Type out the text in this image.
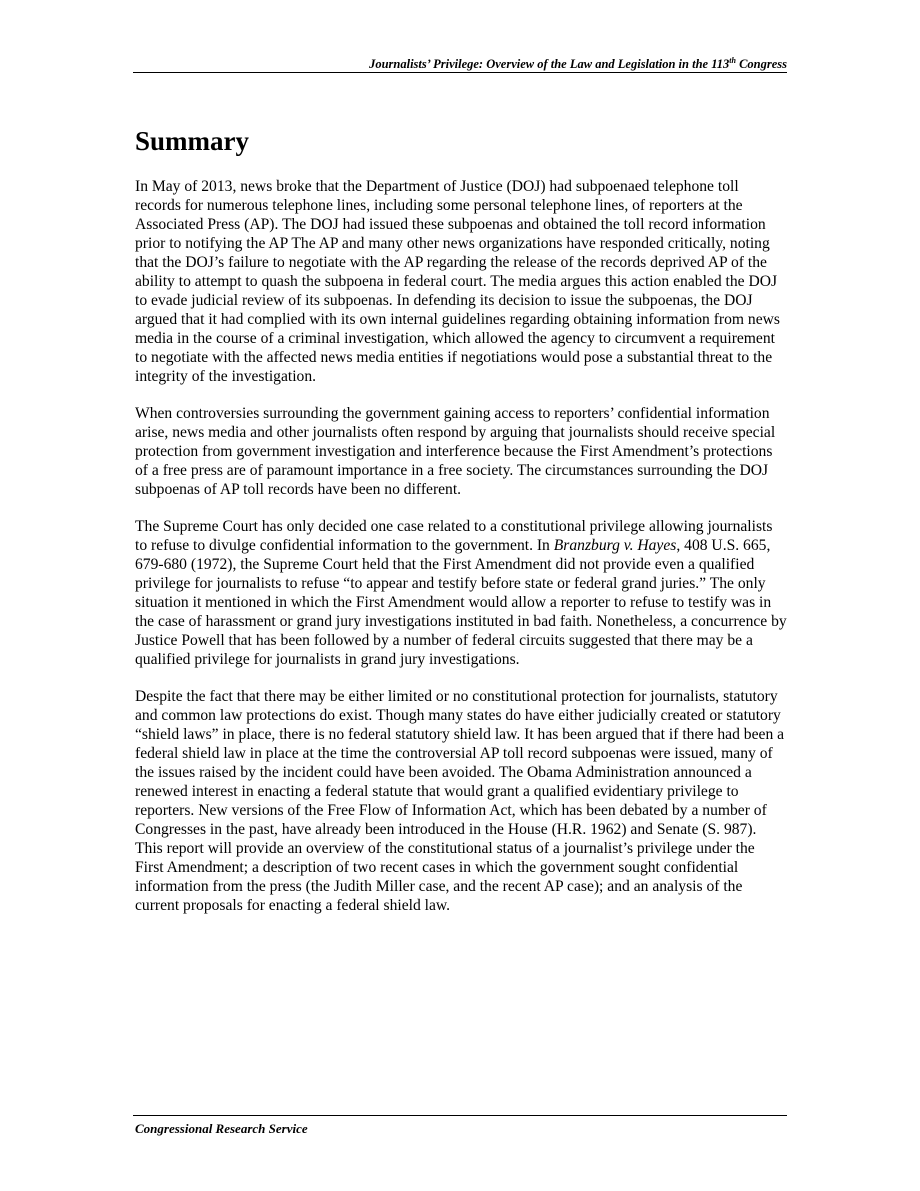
Journalists’ Privilege: Overview of the Law and Legislation in the 113th Congress
Summary

In May of 2013, news broke that the Department of Justice (DOJ) had subpoenaed telephone toll records for numerous telephone lines, including some personal telephone lines, of reporters at the Associated Press (AP). The DOJ had issued these subpoenas and obtained the toll record information prior to notifying the AP The AP and many other news organizations have responded critically, noting that the DOJ’s failure to negotiate with the AP regarding the release of the records deprived AP of the ability to attempt to quash the subpoena in federal court. The media argues this action enabled the DOJ to evade judicial review of its subpoenas. In defending its decision to issue the subpoenas, the DOJ argued that it had complied with its own internal guidelines regarding obtaining information from news media in the course of a criminal investigation, which allowed the agency to circumvent a requirement to negotiate with the affected news media entities if negotiations would pose a substantial threat to the integrity of the investigation.

When controversies surrounding the government gaining access to reporters’ confidential information arise, news media and other journalists often respond by arguing that journalists should receive special protection from government investigation and interference because the First Amendment’s protections of a free press are of paramount importance in a free society. The circumstances surrounding the DOJ subpoenas of AP toll records have been no different.

The Supreme Court has only decided one case related to a constitutional privilege allowing journalists to refuse to divulge confidential information to the government. In Branzburg v. Hayes, 408 U.S. 665, 679-680 (1972), the Supreme Court held that the First Amendment did not provide even a qualified privilege for journalists to refuse “to appear and testify before state or federal grand juries.” The only situation it mentioned in which the First Amendment would allow a reporter to refuse to testify was in the case of harassment or grand jury investigations instituted in bad faith. Nonetheless, a concurrence by Justice Powell that has been followed by a number of federal circuits suggested that there may be a qualified privilege for journalists in grand jury investigations.

Despite the fact that there may be either limited or no constitutional protection for journalists, statutory and common law protections do exist. Though many states do have either judicially created or statutory “shield laws” in place, there is no federal statutory shield law. It has been argued that if there had been a federal shield law in place at the time the controversial AP toll record subpoenas were issued, many of the issues raised by the incident could have been avoided. The Obama Administration announced a renewed interest in enacting a federal statute that would grant a qualified evidentiary privilege to reporters. New versions of the Free Flow of Information Act, which has been debated by a number of Congresses in the past, have already been introduced in the House (H.R. 1962) and Senate (S. 987). This report will provide an overview of the constitutional status of a journalist’s privilege under the First Amendment; a description of two recent cases in which the government sought confidential information from the press (the Judith Miller case, and the recent AP case); and an analysis of the current proposals for enacting a federal shield law.

Congressional Research Service
